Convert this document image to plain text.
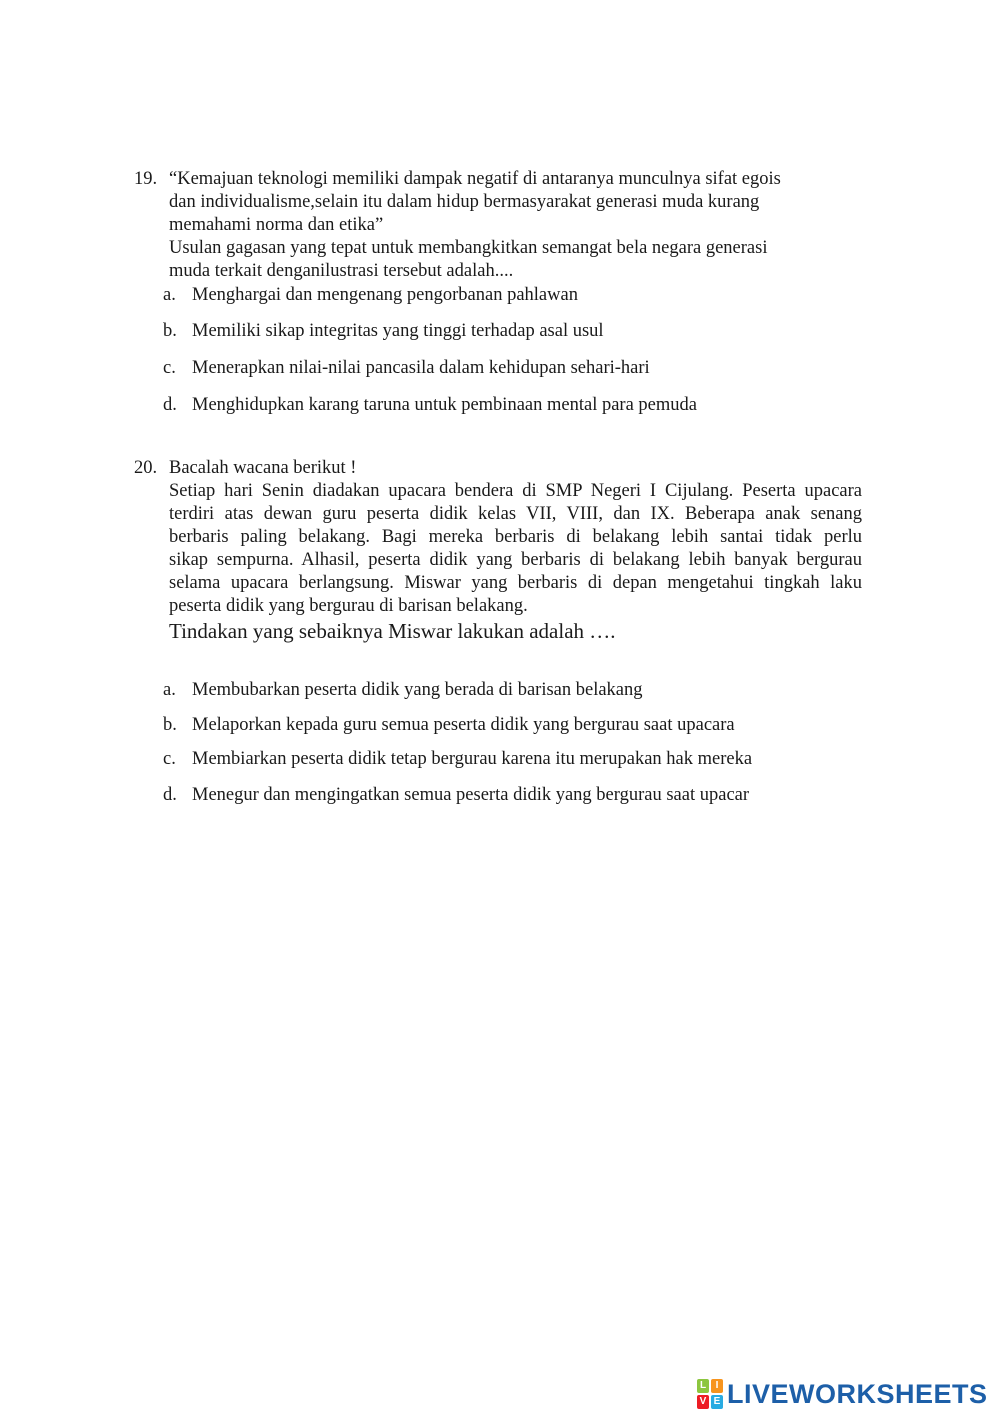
19. “Kemajuan teknologi memiliki dampak negatif di antaranya munculnya sifat egois
dan individualisme,selain itu dalam hidup bermasyarakat generasi muda kurang
memahami norma dan etika”
Usulan gagasan yang tepat untuk membangkitkan semangat bela negara generasi
muda terkait denganilustrasi tersebut adalah....
a. Menghargai dan mengenang pengorbanan pahlawan
b. Memiliki sikap integritas yang tinggi terhadap asal usul
c. Menerapkan nilai-nilai pancasila dalam kehidupan sehari-hari
d. Menghidupkan karang taruna untuk pembinaan mental para pemuda
20. Bacalah wacana berikut !
Setiap hari Senin diadakan upacara bendera di SMP Negeri I Cijulang. Peserta upacara
terdiri atas dewan guru peserta didik kelas VII, VIII, dan IX. Beberapa anak senang
berbaris paling belakang. Bagi mereka berbaris di belakang lebih santai tidak perlu
sikap sempurna. Alhasil, peserta didik yang berbaris di belakang lebih banyak bergurau
selama upacara berlangsung. Miswar yang berbaris di depan mengetahui tingkah laku
peserta didik yang bergurau di barisan belakang.
Tindakan yang sebaiknya Miswar lakukan adalah ….
a. Membubarkan peserta didik yang berada di barisan belakang
b. Melaporkan kepada guru semua peserta didik yang bergurau saat upacara
c. Membiarkan peserta didik tetap bergurau karena itu merupakan hak mereka
d. Menegur dan mengingatkan semua peserta didik yang bergurau saat upacar
L I
V E LIVEWORKSHEETS
